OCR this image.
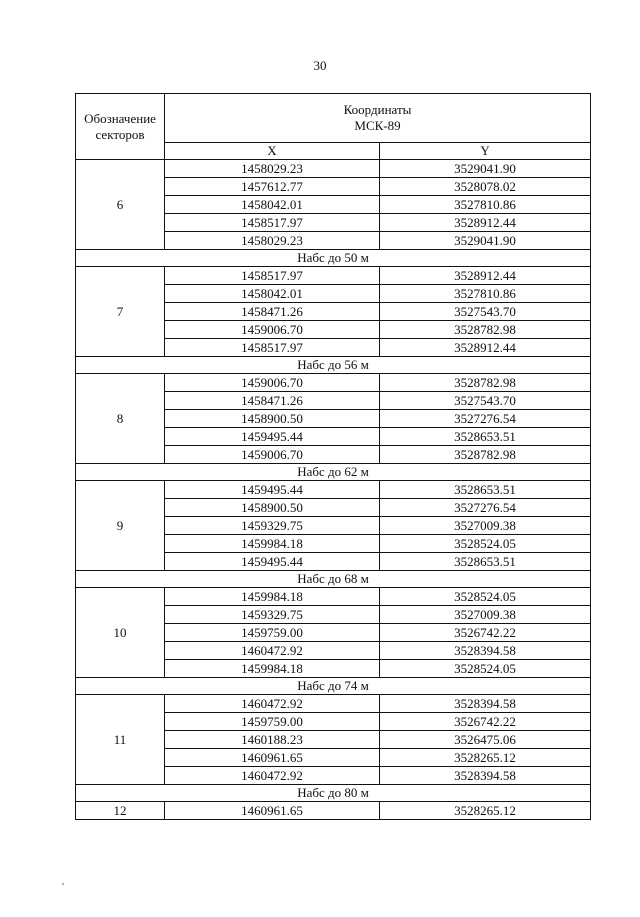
30
Обозначение секторов	Координаты
МСК-89	
	X	Y
6	1458029.23	3529041.90
	1457612.77	3528078.02
	1458042.01	3527810.86
	1458517.97	3528912.44
	1458029.23	3529041.90
Набс до 50 м		
7	1458517.97	3528912.44
	1458042.01	3527810.86
	1458471.26	3527543.70
	1459006.70	3528782.98
	1458517.97	3528912.44
Набс до 56 м		
8	1459006.70	3528782.98
	1458471.26	3527543.70
	1458900.50	3527276.54
	1459495.44	3528653.51
	1459006.70	3528782.98
Набс до 62 м		
9	1459495.44	3528653.51
	1458900.50	3527276.54
	1459329.75	3527009.38
	1459984.18	3528524.05
	1459495.44	3528653.51
Набс до 68 м		
10	1459984.18	3528524.05
	1459329.75	3527009.38
	1459759.00	3526742.22
	1460472.92	3528394.58
	1459984.18	3528524.05
Набс до 74 м		
11	1460472.92	3528394.58
	1459759.00	3526742.22
	1460188.23	3526475.06
	1460961.65	3528265.12
	1460472.92	3528394.58
Набс до 80 м		
12	1460961.65	3528265.12
